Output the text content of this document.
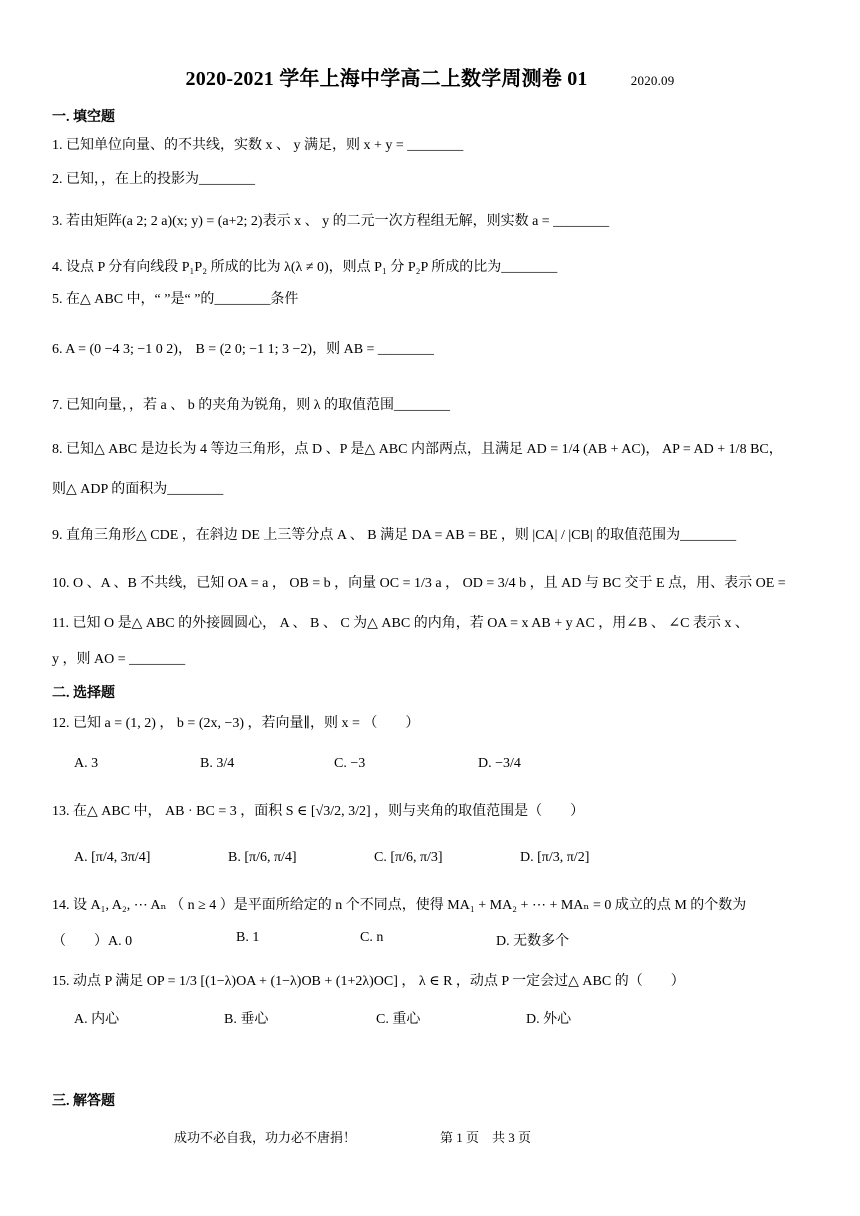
2020-2021 学年上海中学高二上数学周测卷 01	2020.09
一. 填空题
1. 已知单位向量、的不共线，实数 x 、 y 满足，则 x + y = ________
2. 已知，，在上的投影为________
3. 若由矩阵(a 2; 2 a)(x; y) = (a+2; 2)表示 x 、 y 的二元一次方程组无解，则实数 a = ________
4. 设点 P 分有向线段 P₁P₂ 所成的比为 λ(λ ≠ 0)，则点 P₁ 分 P₂P 所成的比为________
5. 在△ ABC 中，“ ”是“ ”的________条件
6. A = (0 −4 3; −1 0 2)， B = (2 0; −1 1; 3 −2)，则 AB = ________
7. 已知向量，，若 a 、 b 的夹角为锐角，则 λ 的取值范围________
8. 已知△ ABC 是边长为 4 等边三角形，点 D 、P 是△ ABC 内部两点，且满足 AD = 1/4 (AB + AC)， AP = AD + 1/8 BC，
则△ ADP 的面积为________
9. 直角三角形△ CDE ，在斜边 DE 上三等分点 A 、 B 满足 DA = AB = BE ，则 |CA| / |CB| 的取值范围为________
10. O 、A 、B 不共线，已知 OA = a ， OB = b ，向量 OC = 1/3 a ， OD = 3/4 b ，且 AD 与 BC 交于 E 点，用、表示 OE =
11. 已知 O 是△ ABC 的外接圆圆心， A 、 B 、 C 为△ ABC 的内角，若 OA = x AB + y AC ，用∠B 、 ∠C 表示 x 、
y ，则 AO = ________
二. 选择题
12. 已知 a = (1, 2) ， b = (2x, −3) ，若向量∥，则 x = （　　）
A. 3	B. 3/4	C. −3	D. −3/4
13. 在△ ABC 中， AB · BC = 3 ，面积 S ∈ [√3/2, 3/2] ，则与夹角的取值范围是（　　）
A. [π/4, 3π/4]	B. [π/6, π/4]	C. [π/6, π/3]	D. [π/3, π/2]
14. 设 A₁, A₂, ⋯ Aₙ （ n ≥ 4 ）是平面所给定的 n 个不同点，使得 MA₁ + MA₂ + ⋯ + MAₙ = 0 成立的点 M 的个数为
（　　）A. 0	B. 1	C. n	D. 无数多个
15. 动点 P 满足 OP = 1/3 [(1−λ)OA + (1−λ)OB + (1+2λ)OC] ， λ ∈ R ，动点 P 一定会过△ ABC 的（　　）
A. 内心	B. 垂心	C. 重心	D. 外心
三. 解答题
成功不必自我，功力必不唐捐！	第 1 页　共 3 页
